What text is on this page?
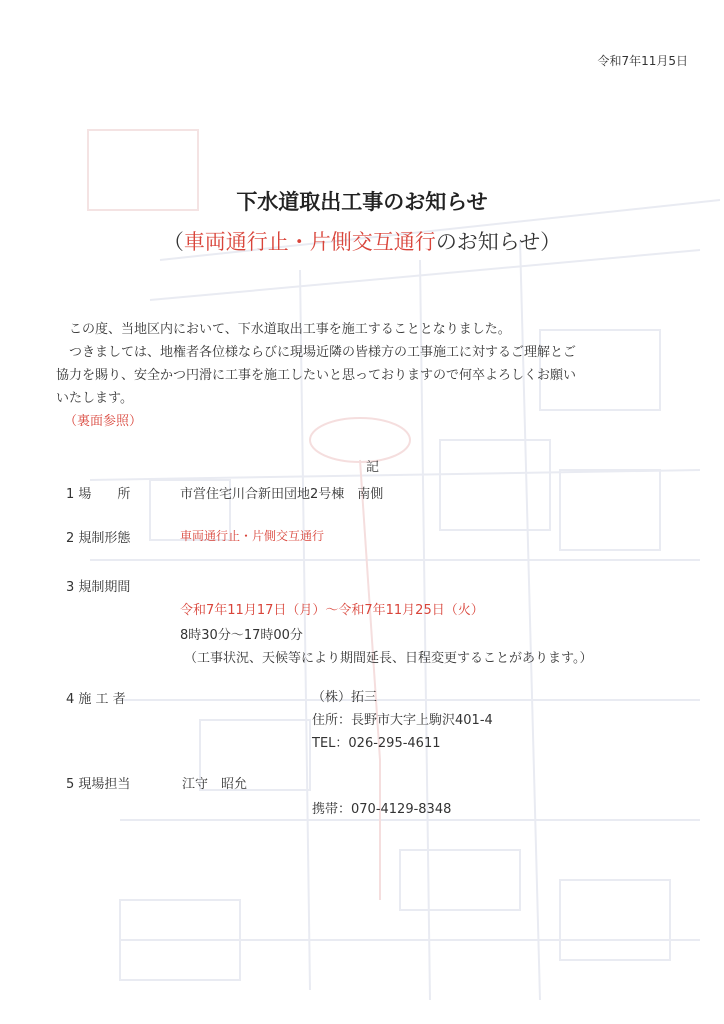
令和7年11月5日
下水道取出工事のお知らせ
（車両通行止・片側交互通行のお知らせ）
　この度、当地区内において、下水道取出工事を施工することとなりました。
　つきましては、地権者各位様ならびに現場近隣の皆様方の工事施工に対するご理解とご
協力を賜り、安全かつ円滑に工事を施工したいと思っておりますので何卒よろしくお願い
いたします。
（裏面参照）
記
1 場　　所	市営住宅川合新田団地2号棟　南側
2 規制形態	車両通行止・片側交互通行
3 規制期間
令和7年11月17日（月）～令和7年11月25日（火）
8時30分～17時00分
（工事状況、天候等により期間延長、日程変更することがあります。）
4 施 工 者	（株）拓三
住所：長野市大字上駒沢401-4
TEL：026-295-4611
5 現場担当	江守　昭允
携帯：070-4129-8348
